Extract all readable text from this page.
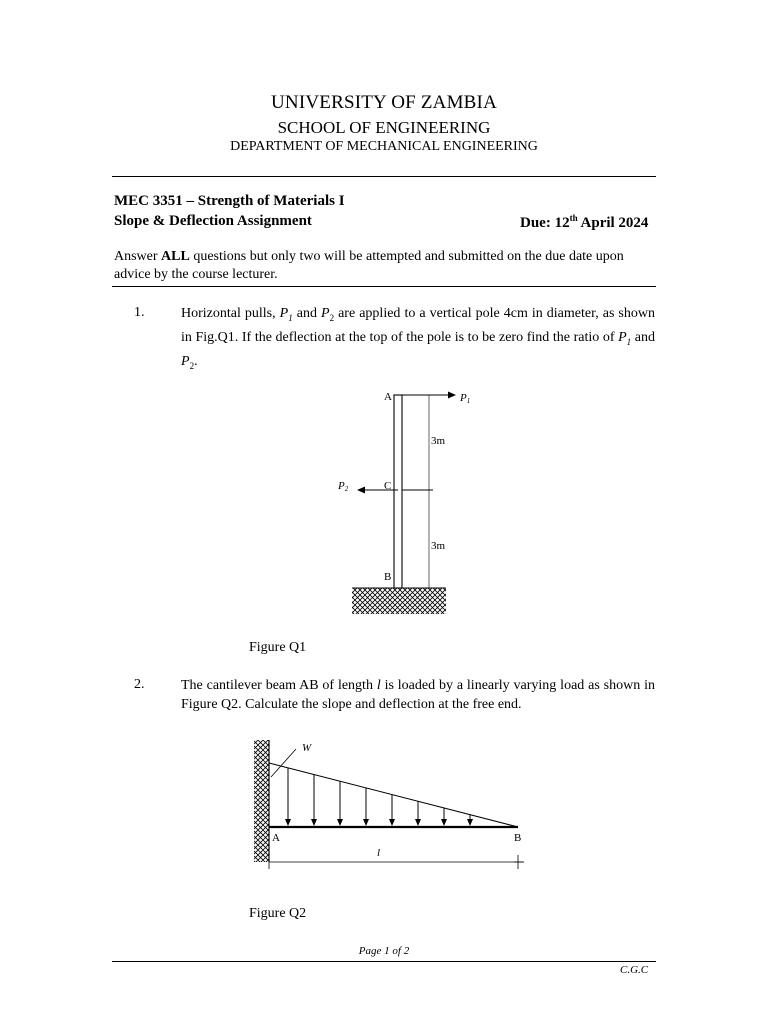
UNIVERSITY OF ZAMBIA
SCHOOL OF ENGINEERING
DEPARTMENT OF MECHANICAL ENGINEERING
MEC 3351 – Strength of Materials I
Slope & Deflection Assignment	Due: 12th April 2024
Answer ALL questions but only two will be attempted and submitted on the due date upon advice by the course lecturer.
1.	Horizontal pulls, $P_1$ and $P_2$ are applied to a vertical pole 4cm in diameter, as shown in Fig.Q1. If the deflection at the top of the pole is to be zero find the ratio of $P_1$ and $P_2$.
A	P1
3m
P2	C
3m
B
Figure Q1
2.	The cantilever beam AB of length l is loaded by a linearly varying load as shown in Figure Q2. Calculate the slope and deflection at the free end.
W
A	B
l
Figure Q2
Page 1 of 2
C.G.C
